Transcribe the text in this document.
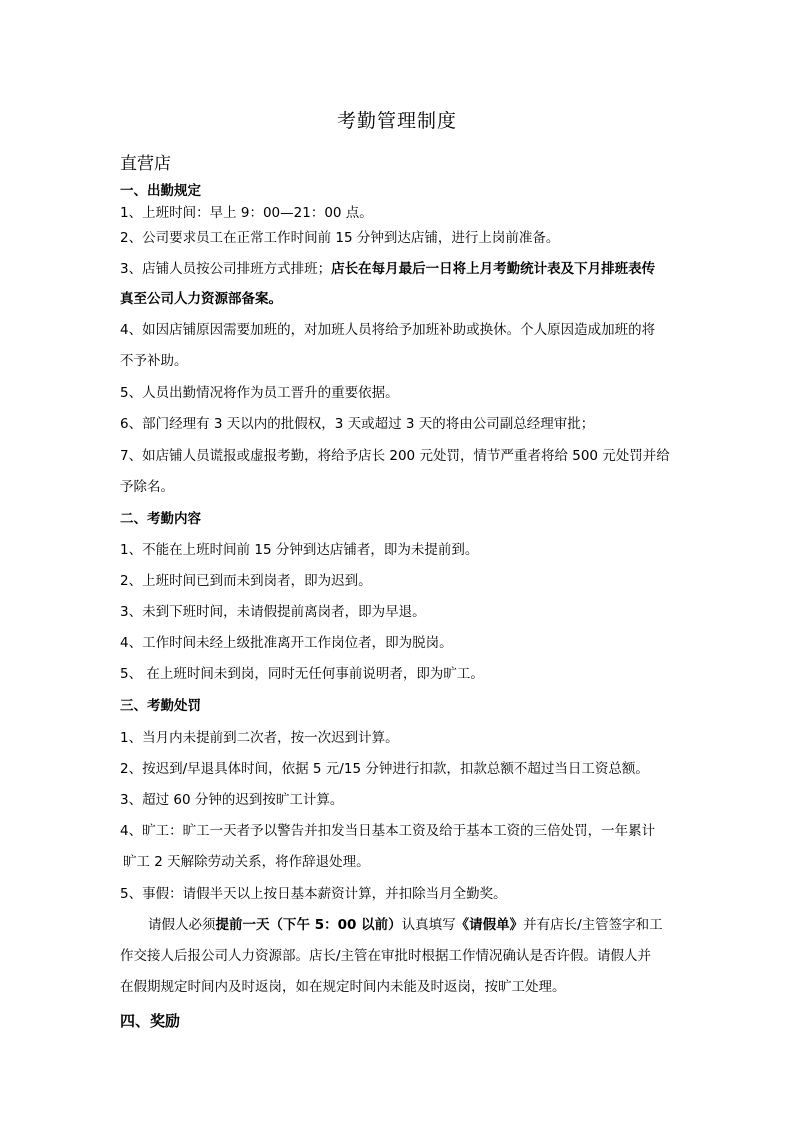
考勤管理制度
直营店
一、出勤规定
1、上班时间：早上 9：00—21：00 点。
2、公司要求员工在正常工作时间前 15 分钟到达店铺，进行上岗前准备。
3、店铺人员按公司排班方式排班；店长在每月最后一日将上月考勤统计表及下月排班表传
真至公司人力资源部备案。
4、如因店铺原因需要加班的，对加班人员将给予加班补助或换休。个人原因造成加班的将
不予补助。
5、人员出勤情况将作为员工晋升的重要依据。
6、部门经理有 3 天以内的批假权，3 天或超过 3 天的将由公司副总经理审批；
7、如店铺人员谎报或虚报考勤，将给予店长 200 元处罚，情节严重者将给 500 元处罚并给
予除名。
二、考勤内容
1、不能在上班时间前 15 分钟到达店铺者，即为未提前到。
2、上班时间已到而未到岗者，即为迟到。
3、未到下班时间，未请假提前离岗者，即为早退。
4、工作时间未经上级批准离开工作岗位者，即为脱岗。
5、 在上班时间未到岗，同时无任何事前说明者，即为旷工。
三、考勤处罚
1、当月内未提前到二次者，按一次迟到计算。
2、按迟到/早退具体时间，依据 5 元/15 分钟进行扣款，扣款总额不超过当日工资总额。
3、超过 60 分钟的迟到按旷工计算。
4、旷工：旷工一天者予以警告并扣发当日基本工资及给于基本工资的三倍处罚，一年累计
旷工 2 天解除劳动关系，将作辞退处理。
5、事假：请假半天以上按日基本薪资计算，并扣除当月全勤奖。
请假人必须提前一天（下午 5：00 以前）认真填写《请假单》并有店长/主管签字和工
作交接人后报公司人力资源部。店长/主管在审批时根据工作情况确认是否许假。请假人并
在假期规定时间内及时返岗，如在规定时间内未能及时返岗，按旷工处理。
四、奖励
